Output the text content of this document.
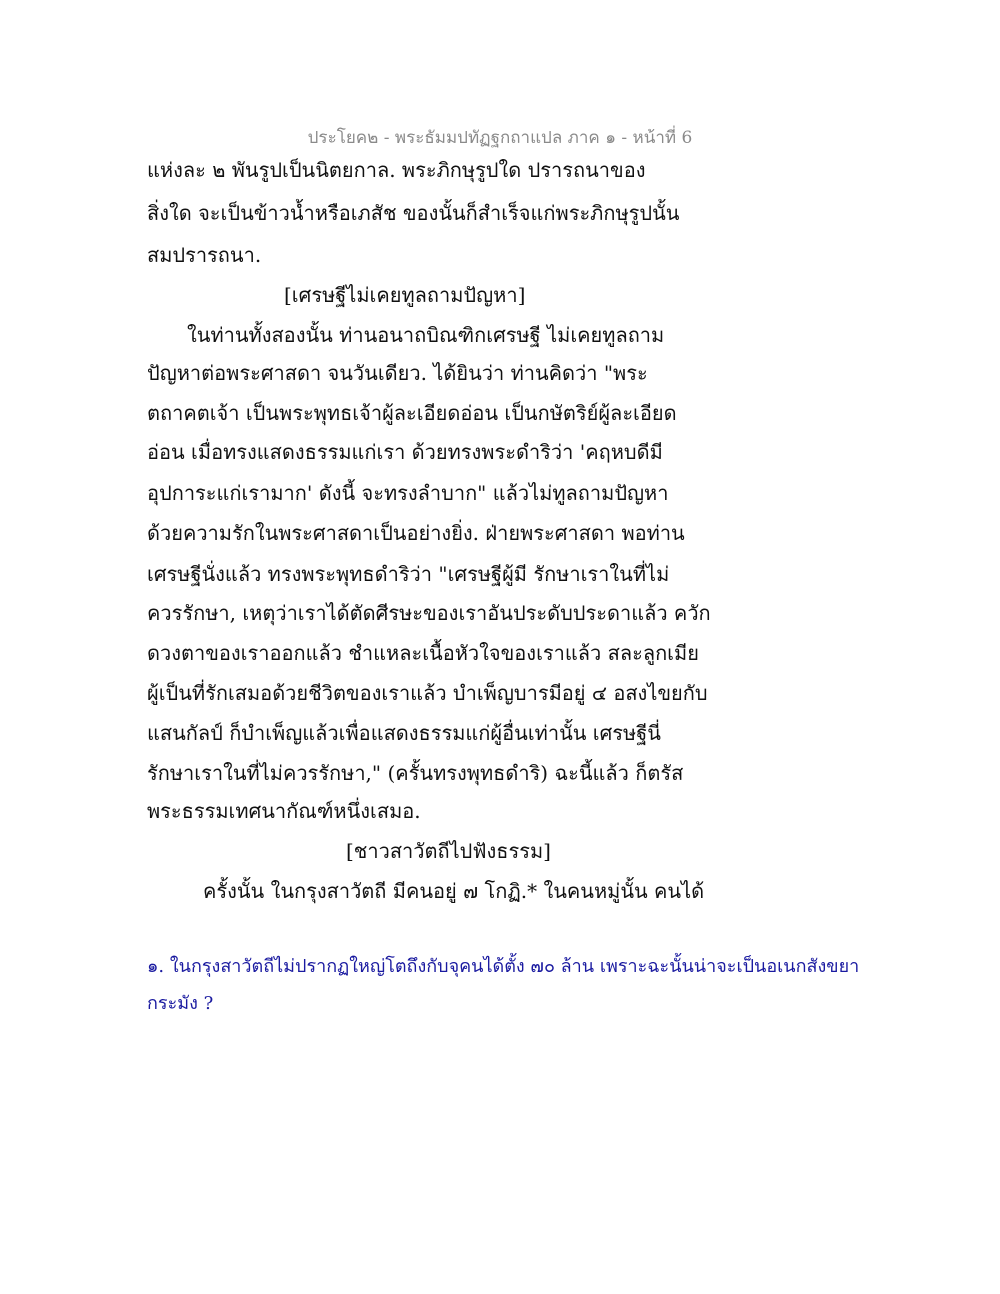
ประโยค๒ - พระธัมมปทัฏฐกถาแปล ภาค ๑ - หน้าที่ 6
แห่งละ ๒ พันรูปเป็นนิตยกาล. พระภิกษุรูปใด ปรารถนาของ
สิ่งใด จะเป็นข้าวน้ำหรือเภสัช ของนั้นก็สำเร็จแก่พระภิกษุรูปนั้น
สมปรารถนา.
[เศรษฐีไม่เคยทูลถามปัญหา]
ในท่านทั้งสองนั้น ท่านอนาถบิณฑิกเศรษฐี ไม่เคยทูลถาม
ปัญหาต่อพระศาสดา จนวันเดียว. ได้ยินว่า ท่านคิดว่า "พระ
ตถาคตเจ้า เป็นพระพุทธเจ้าผู้ละเอียดอ่อน เป็นกษัตริย์ผู้ละเอียด
อ่อน เมื่อทรงแสดงธรรมแก่เรา ด้วยทรงพระดำริว่า 'คฤหบดีมี
อุปการะแก่เรามาก' ดังนี้ จะทรงลำบาก" แล้วไม่ทูลถามปัญหา
ด้วยความรักในพระศาสดาเป็นอย่างยิ่ง. ฝ่ายพระศาสดา พอท่าน
เศรษฐีนั่งแล้ว ทรงพระพุทธดำริว่า "เศรษฐีผู้มี รักษาเราในที่ไม่
ควรรักษา, เหตุว่าเราได้ตัดศีรษะของเราอันประดับประดาแล้ว ควัก
ดวงตาของเราออกแล้ว ชำแหละเนื้อหัวใจของเราแล้ว สละลูกเมีย
ผู้เป็นที่รักเสมอด้วยชีวิตของเราแล้ว บำเพ็ญบารมีอยู่ ๔ อสงไขยกับ
แสนกัลป์ ก็บำเพ็ญแล้วเพื่อแสดงธรรมแก่ผู้อื่นเท่านั้น เศรษฐีนี่
รักษาเราในที่ไม่ควรรักษา," (ครั้นทรงพุทธดำริ) ฉะนี้แล้ว ก็ตรัส
พระธรรมเทศนากัณฑ์หนึ่งเสมอ.
[ชาวสาวัตถีไปฟังธรรม]
ครั้งนั้น ในกรุงสาวัตถี มีคนอยู่ ๗ โกฏิ.* ในคนหมู่นั้น คนได้
๑. ในกรุงสาวัตถีไม่ปรากฏใหญ่โตถึงกับจุคนได้ตั้ง ๗๐ ล้าน เพราะฉะนั้นน่าจะเป็นอเนกสังขยา
กระมัง ?
